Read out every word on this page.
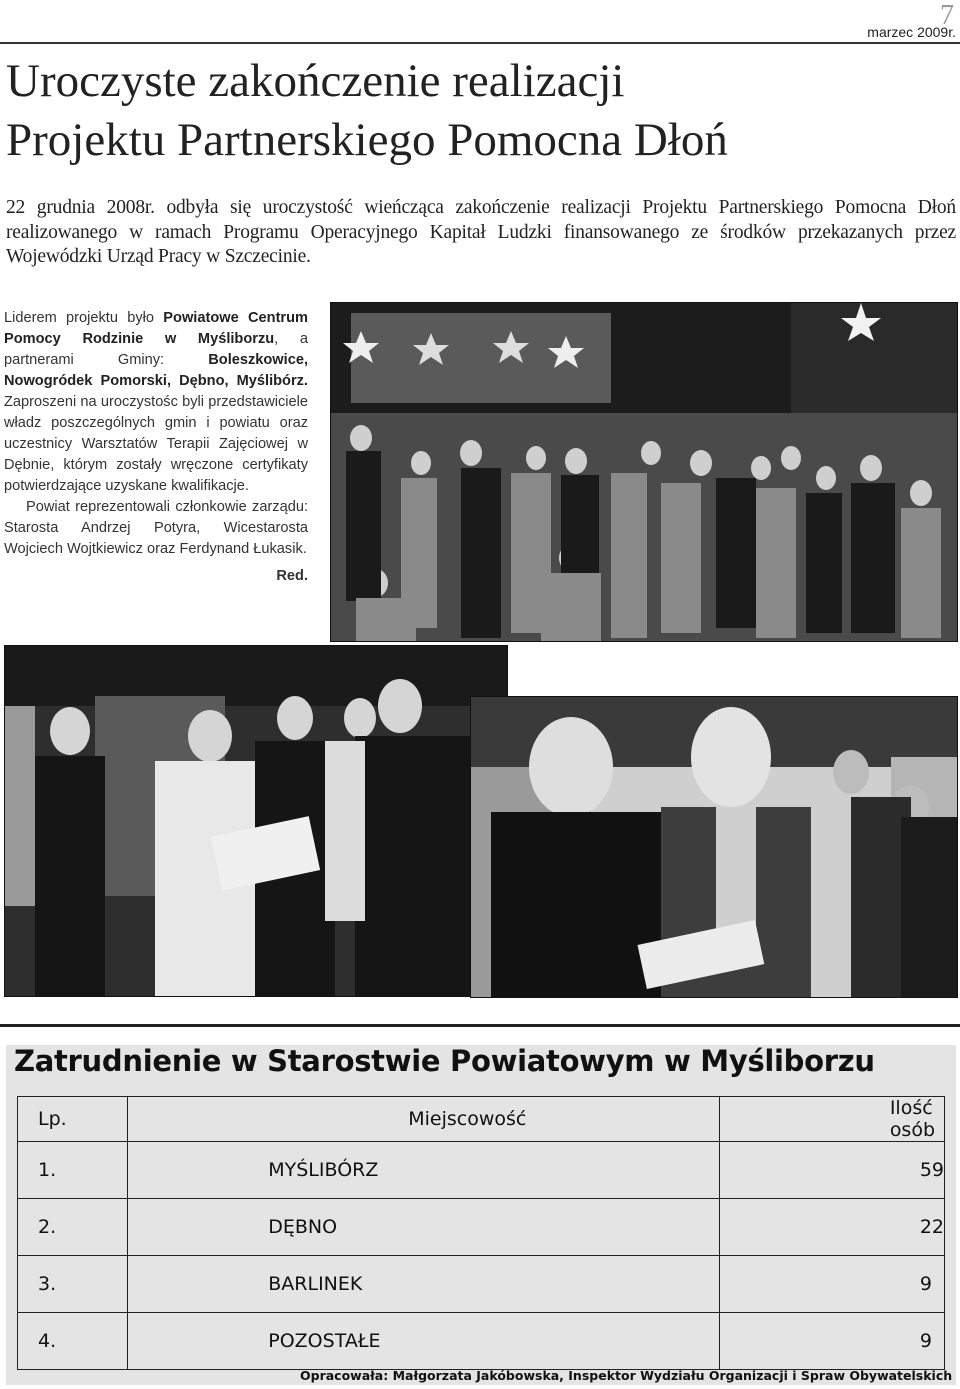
7
marzec 2009r.
Uroczyste zakończenie realizacji
Projektu Partnerskiego Pomocna Dłoń
22 grudnia 2008r. odbyła się uroczystość wieńcząca zakończenie realizacji Projektu Partnerskiego Pomocna Dłoń realizowanego w ramach Programu Operacyjnego Kapitał Ludzki finansowanego ze środków przekazanych przez Wojewódzki Urząd Pracy w Szczecinie.

Liderem projektu było Powiatowe Centrum Pomocy Rodzinie w Myśliborzu, a partnerami Gminy: Boleszkowice, Nowogródek Pomorski, Dębno, Myślibórz. Zaproszeni na uroczystośc byli przedstawiciele władz poszczególnych gmin i powiatu oraz uczestnicy Warsztatów Terapii Zajęciowej w Dębnie, którym zostały wręczone certyfikaty potwierdzające uzyskane kwalifikacje.

Powiat reprezentowali członkowie zarządu: Starosta Andrzej Potyra, Wicestarosta Wojciech Wojtkiewicz oraz Ferdynand Łukasik.

Red.

Zatrudnienie w Starostwie Powiatowym w Myśliborzu
Lp.	Miejscowość	Ilość osób
1.	MYŚLIBÓRZ	59
2.	DĘBNO	22
3.	BARLINEK	9
4.	POZOSTAŁE	9
Opracowała: Małgorzata Jakóbowska, Inspektor Wydziału Organizacji i Spraw Obywatelskich
